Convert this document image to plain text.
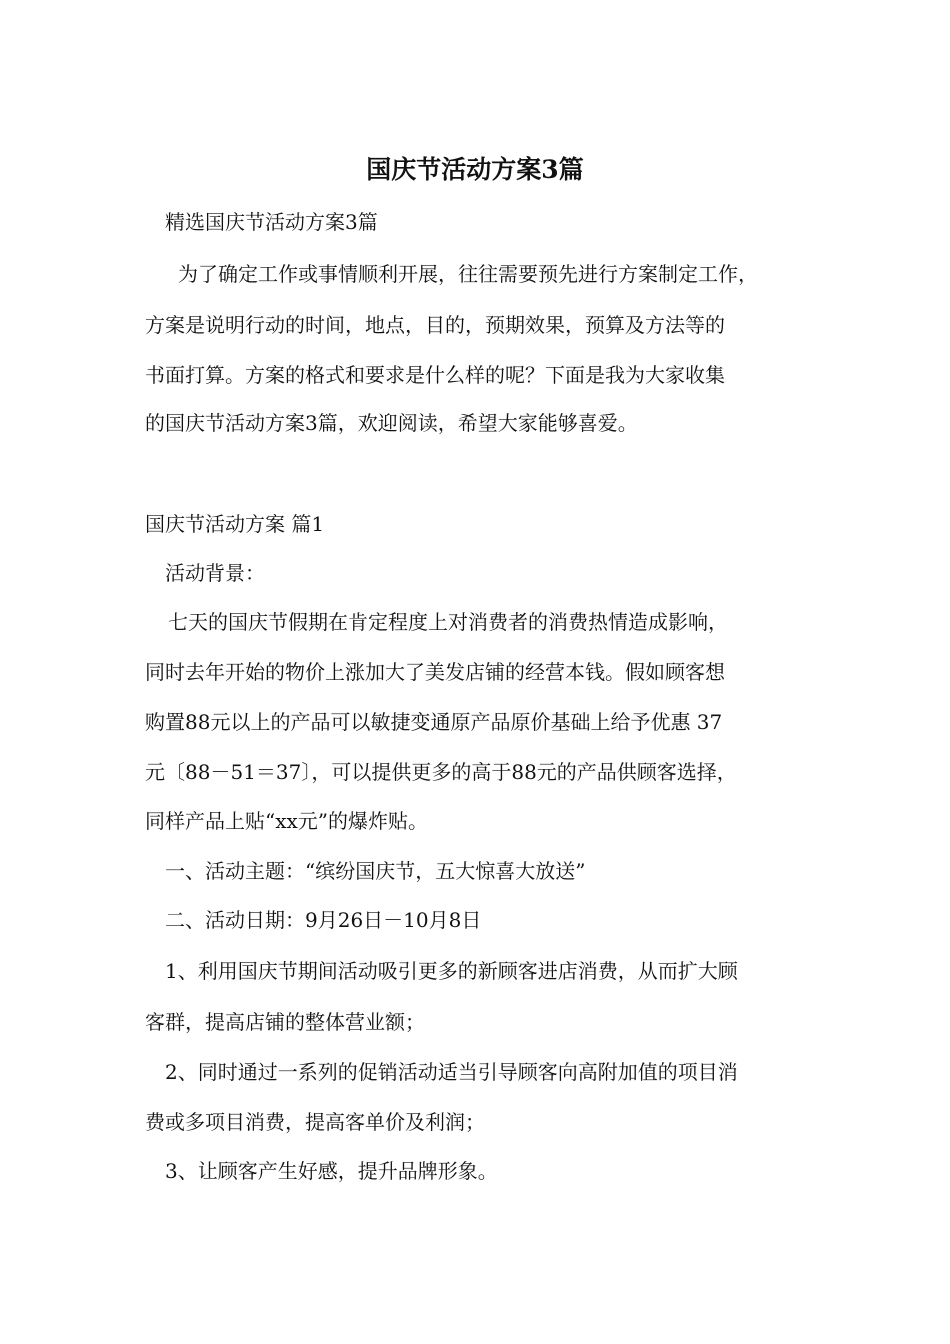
国庆节活动方案3篇

精选国庆节活动方案3篇

为了确定工作或事情顺利开展，往往需要预先进行方案制定工作，

方案是说明行动的时间，地点，目的，预期效果，预算及方法等的

书面打算。方案的格式和要求是什么样的呢？下面是我为大家收集

的国庆节活动方案3篇，欢迎阅读，希望大家能够喜爱。

国庆节活动方案 篇1

活动背景：

七天的国庆节假期在肯定程度上对消费者的消费热情造成影响，

同时去年开始的物价上涨加大了美发店铺的经营本钱。假如顾客想

购置88元以上的产品可以敏捷变通原产品原价基础上给予优惠 37

元〔88－51＝37〕，可以提供更多的高于88元的产品供顾客选择，

同样产品上贴“xx元”的爆炸贴。

一、活动主题：“缤纷国庆节，五大惊喜大放送”

二、活动日期：9月26日－10月8日

1、利用国庆节期间活动吸引更多的新顾客进店消费，从而扩大顾

客群，提高店铺的整体营业额；

2、同时通过一系列的促销活动适当引导顾客向高附加值的项目消

费或多项目消费，提高客单价及利润；

3、让顾客产生好感，提升品牌形象。
